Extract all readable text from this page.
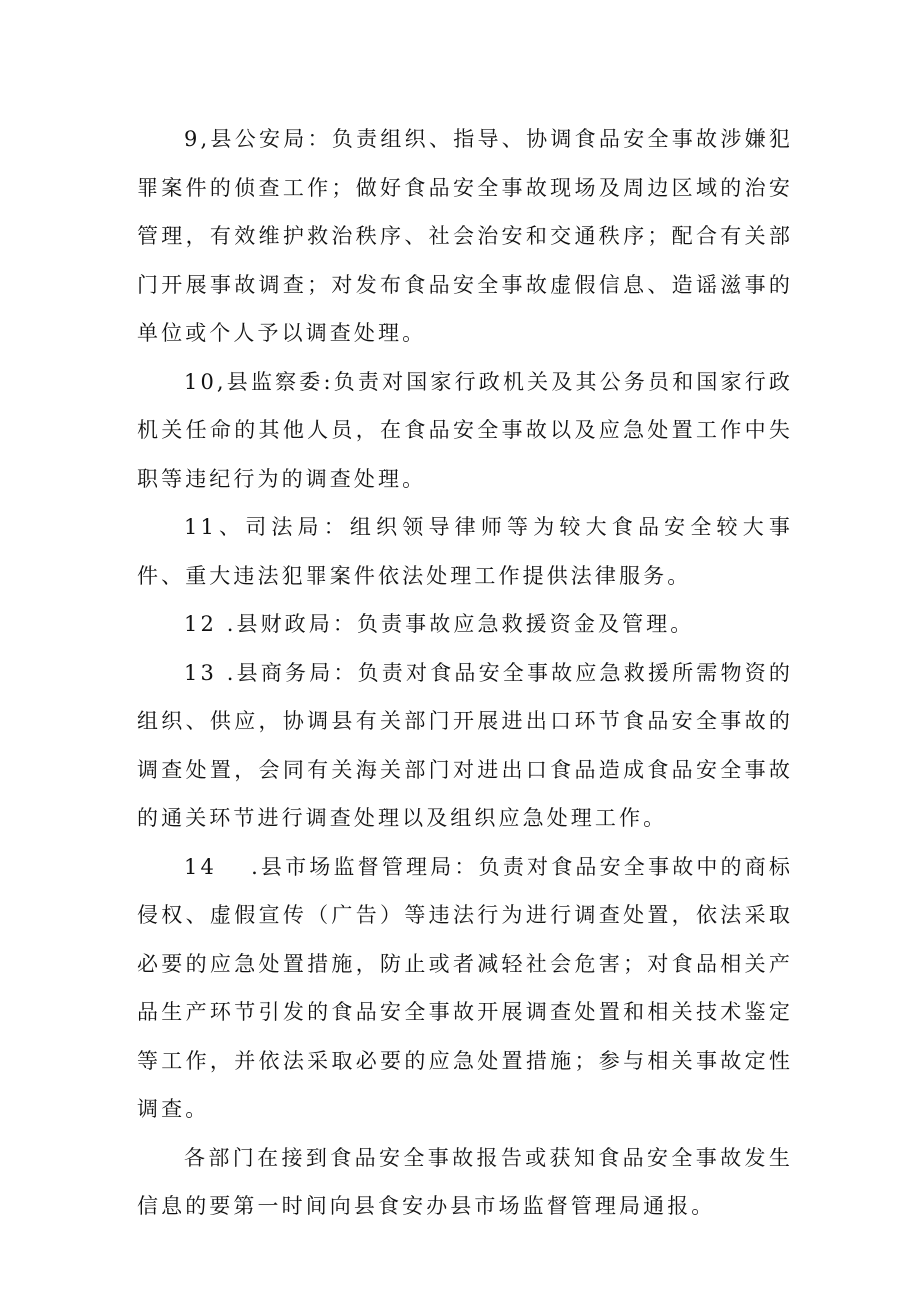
9,县公安局：负责组织、指导、协调食品安全事故涉嫌犯罪案件的侦查工作；做好食品安全事故现场及周边区域的治安管理，有效维护救治秩序、社会治安和交通秩序；配合有关部门开展事故调查；对发布食品安全事故虚假信息、造谣滋事的单位或个人予以调查处理。

10,县监察委:负责对国家行政机关及其公务员和国家行政机关任命的其他人员，在食品安全事故以及应急处置工作中失职等违纪行为的调查处理。

11、司法局：组织领导律师等为较大食品安全较大事件、重大违法犯罪案件依法处理工作提供法律服务。

12 .县财政局：负责事故应急救援资金及管理。

13 .县商务局：负责对食品安全事故应急救援所需物资的组织、供应，协调县有关部门开展进出口环节食品安全事故的调查处置，会同有关海关部门对进出口食品造成食品安全事故的通关环节进行调查处理以及组织应急处理工作。

14　 .县市场监督管理局：负责对食品安全事故中的商标侵权、虚假宣传（广告）等违法行为进行调查处置，依法采取必要的应急处置措施，防止或者减轻社会危害；对食品相关产品生产环节引发的食品安全事故开展调查处置和相关技术鉴定等工作，并依法采取必要的应急处置措施；参与相关事故定性调查。

各部门在接到食品安全事故报告或获知食品安全事故发生信息的要第一时间向县食安办县市场监督管理局通报。
